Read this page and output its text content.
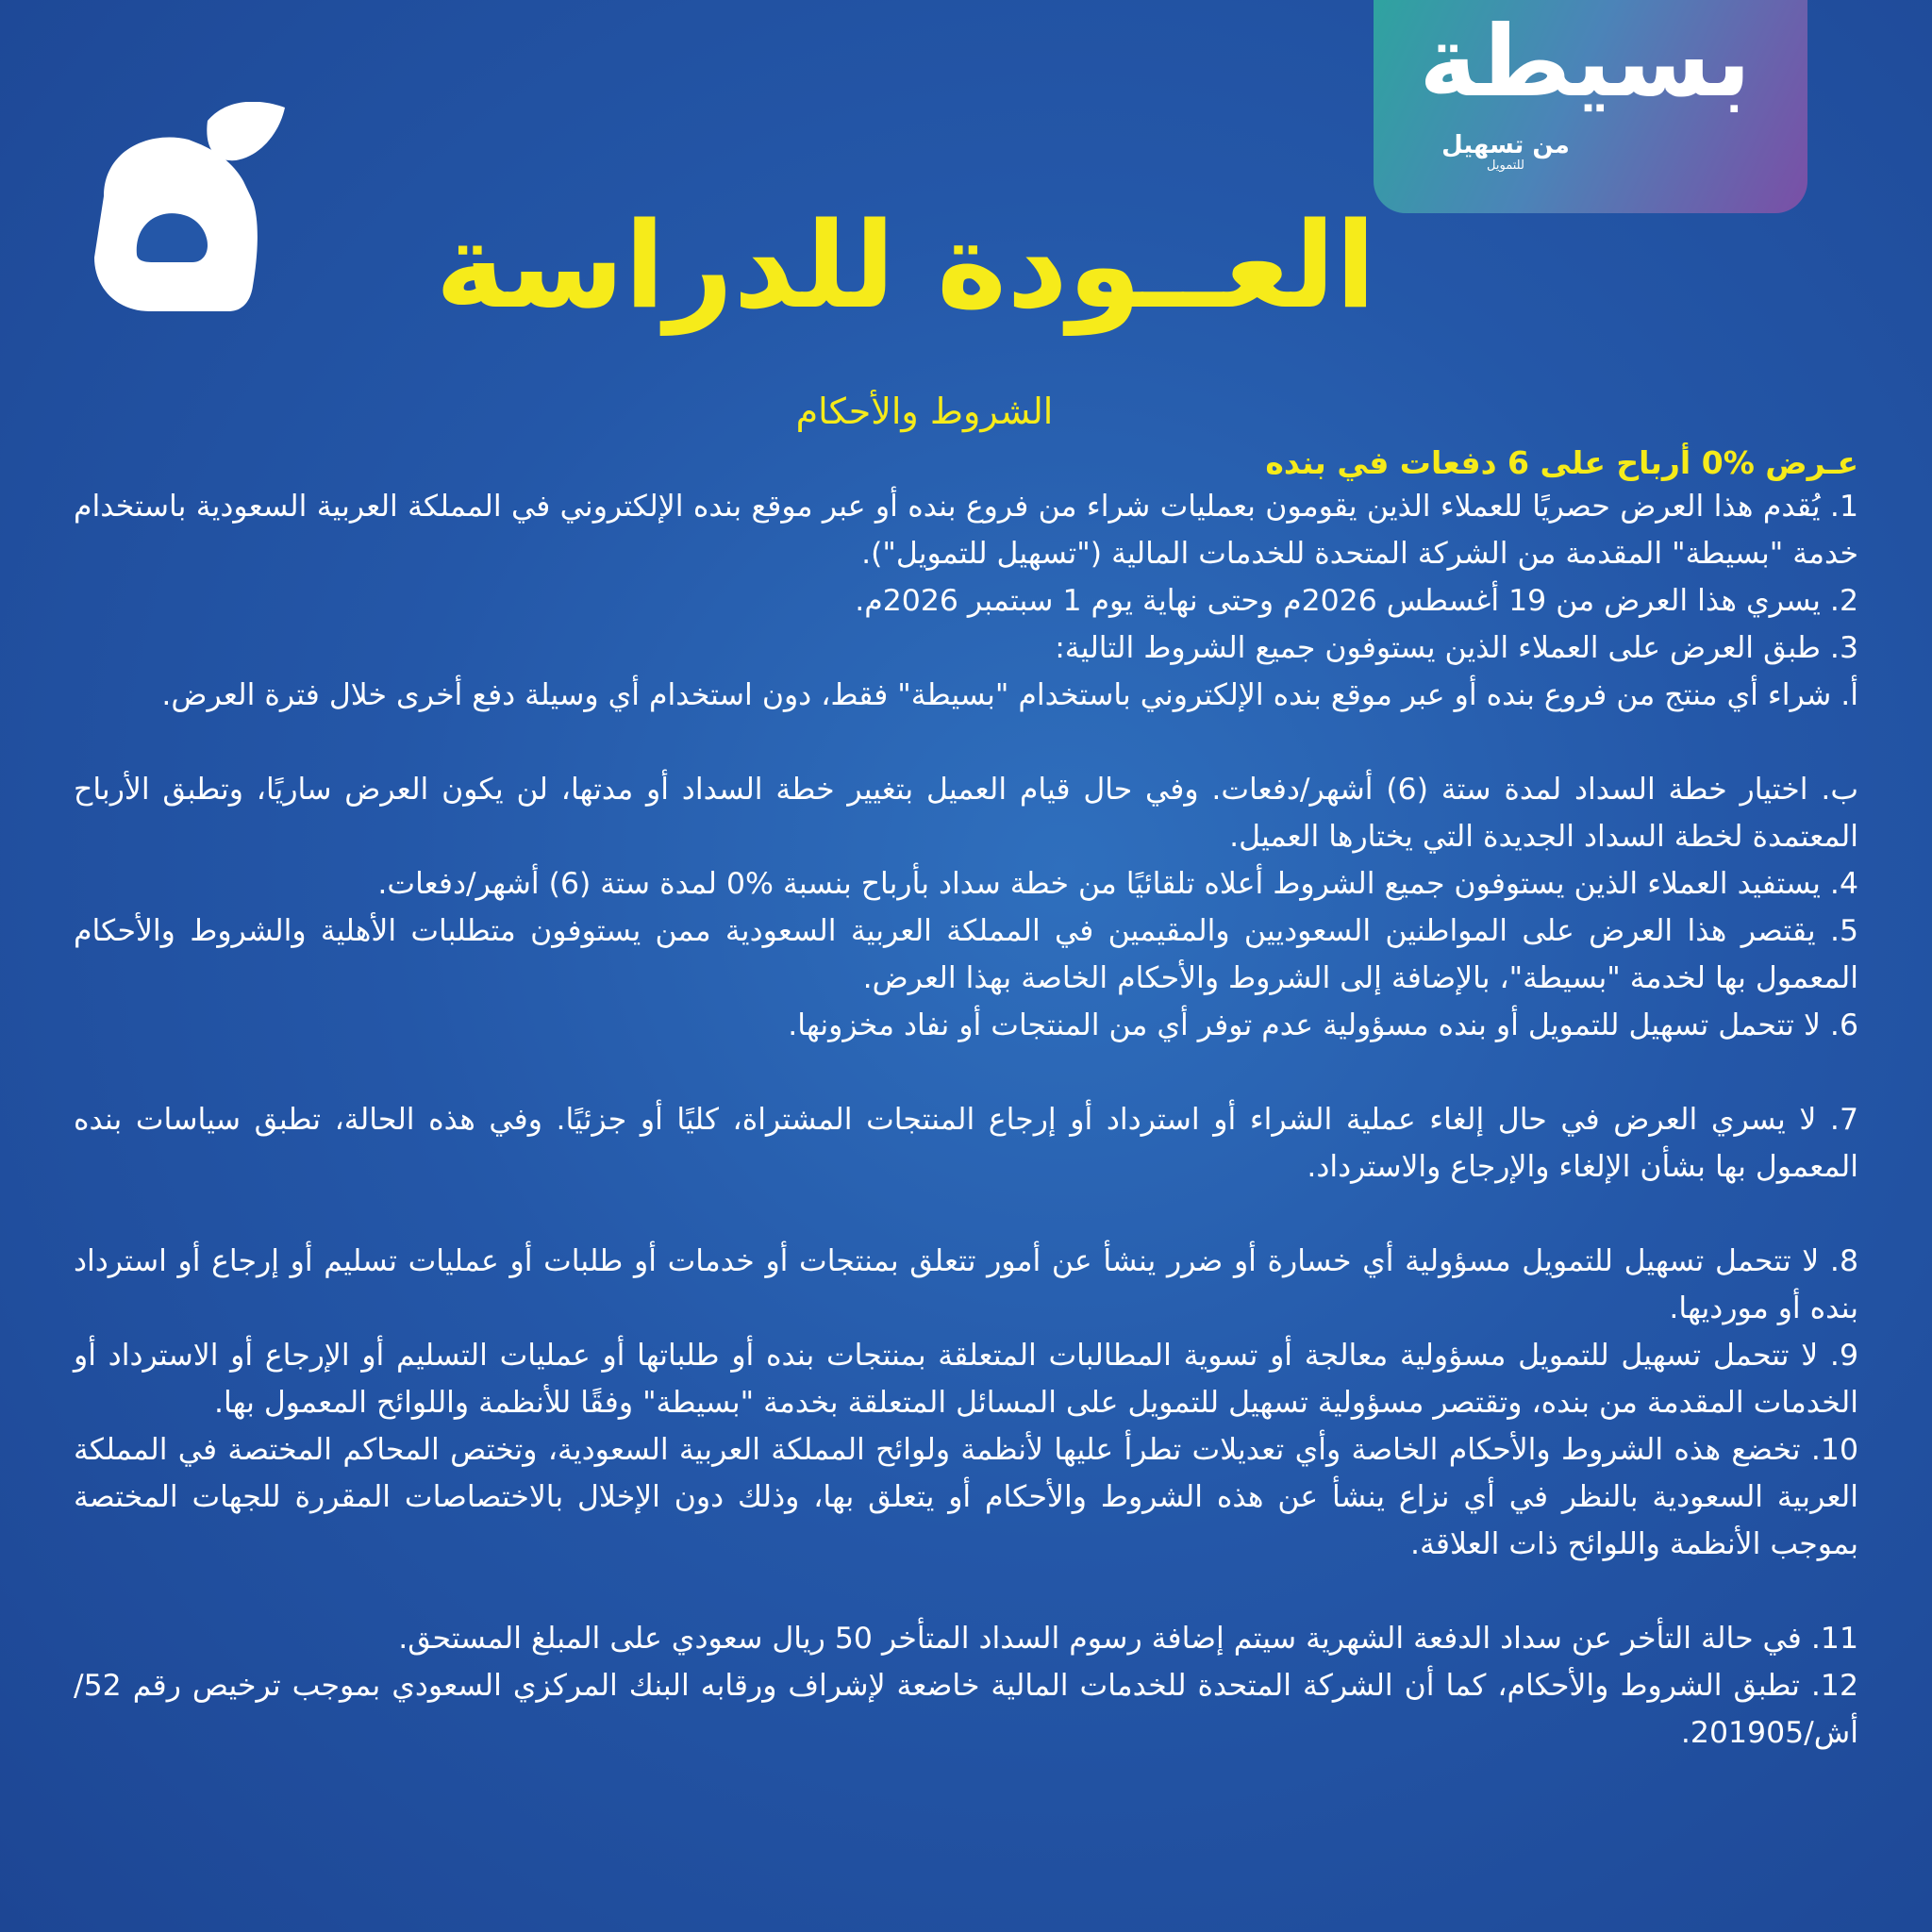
بسيطة
من تسهيل
للتمويل
العــودة للدراسة
الشروط والأحكام
عـرض %0 أرباح على 6 دفعات في بنده

1. يُقدم هذا العرض حصريًا للعملاء الذين يقومون بعمليات شراء من فروع بنده أو عبر موقع بنده الإلكتروني في المملكة العربية السعودية باستخدام خدمة "بسيطة" المقدمة من الشركة المتحدة للخدمات المالية ("تسهيل للتمويل").

2. يسري هذا العرض من 19 أغسطس 2026م وحتى نهاية يوم 1 سبتمبر 2026م.

3. طبق العرض على العملاء الذين يستوفون جميع الشروط التالية:

أ. شراء أي منتج من فروع بنده أو عبر موقع بنده الإلكتروني باستخدام "بسيطة" فقط، دون استخدام أي وسيلة دفع أخرى خلال فترة العرض.

ب. اختيار خطة السداد لمدة ستة (6) أشهر/دفعات. وفي حال قيام العميل بتغيير خطة السداد أو مدتها، لن يكون العرض ساريًا، وتطبق الأرباح المعتمدة لخطة السداد الجديدة التي يختارها العميل.

4. يستفيد العملاء الذين يستوفون جميع الشروط أعلاه تلقائيًا من خطة سداد بأرباح بنسبة %0 لمدة ستة (6) أشهر/دفعات.

5. يقتصر هذا العرض على المواطنين السعوديين والمقيمين في المملكة العربية السعودية ممن يستوفون متطلبات الأهلية والشروط والأحكام المعمول بها لخدمة "بسيطة"، بالإضافة إلى الشروط والأحكام الخاصة بهذا العرض.

6. لا تتحمل تسهيل للتمويل أو بنده مسؤولية عدم توفر أي من المنتجات أو نفاد مخزونها.

7. لا يسري العرض في حال إلغاء عملية الشراء أو استرداد أو إرجاع المنتجات المشتراة، كليًا أو جزئيًا. وفي هذه الحالة، تطبق سياسات بنده المعمول بها بشأن الإلغاء والإرجاع والاسترداد.

8. لا تتحمل تسهيل للتمويل مسؤولية أي خسارة أو ضرر ينشأ عن أمور تتعلق بمنتجات أو خدمات أو طلبات أو عمليات تسليم أو إرجاع أو استرداد بنده أو مورديها.

9. لا تتحمل تسهيل للتمويل مسؤولية معالجة أو تسوية المطالبات المتعلقة بمنتجات بنده أو طلباتها أو عمليات التسليم أو الإرجاع أو الاسترداد أو الخدمات المقدمة من بنده، وتقتصر مسؤولية تسهيل للتمويل على المسائل المتعلقة بخدمة "بسيطة" وفقًا للأنظمة واللوائح المعمول بها.

10. تخضع هذه الشروط والأحكام الخاصة وأي تعديلات تطرأ عليها لأنظمة ولوائح المملكة العربية السعودية، وتختص المحاكم المختصة في المملكة العربية السعودية بالنظر في أي نزاع ينشأ عن هذه الشروط والأحكام أو يتعلق بها، وذلك دون الإخلال بالاختصاصات المقررة للجهات المختصة بموجب الأنظمة واللوائح ذات العلاقة.

11. في حالة التأخر عن سداد الدفعة الشهرية سيتم إضافة رسوم السداد المتأخر 50 ريال سعودي على المبلغ المستحق.

12. تطبق الشروط والأحكام، كما أن الشركة المتحدة للخدمات المالية خاضعة لإشراف ورقابه البنك المركزي السعودي بموجب ترخيص رقم 52/أش/201905.
